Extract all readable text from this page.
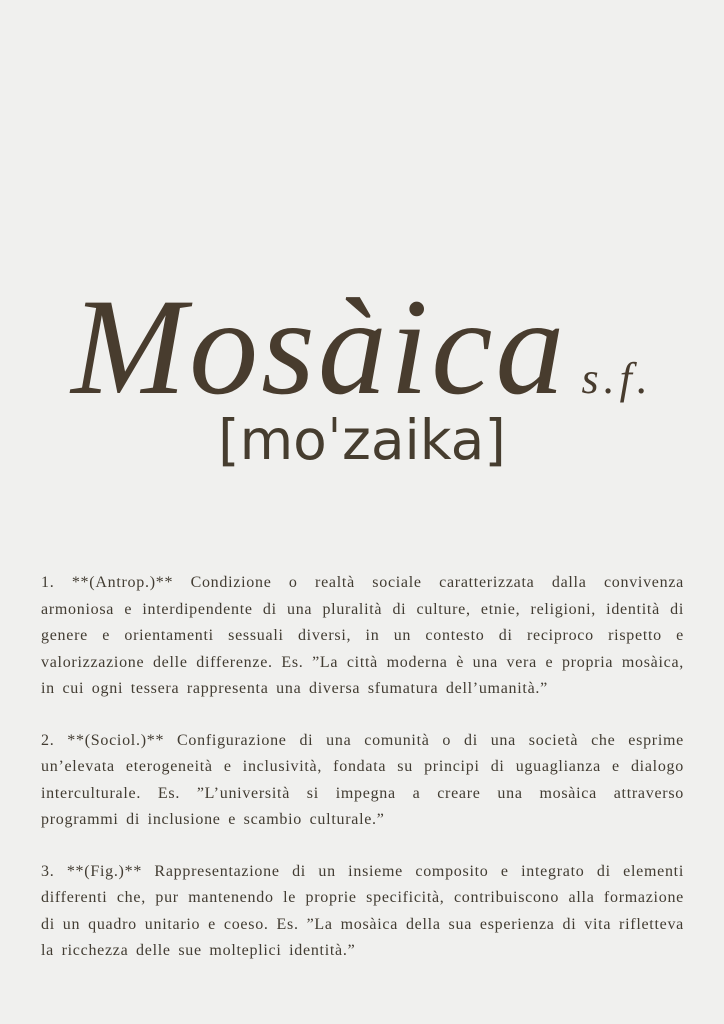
Mosàica s.f.
[moˈzaika]

1. **(Antrop.)** Condizione o realtà sociale caratterizzata dalla convivenza armoniosa e interdipendente di una pluralità di culture, etnie, religioni, identità di genere e orientamenti sessuali diversi, in un contesto di reciproco rispetto e valorizzazione delle differenze. Es. ”La città moderna è una vera e propria mosàica, in cui ogni tessera rappresenta una diversa sfumatura dell’umanità.”

2. **(Sociol.)** Configurazione di una comunità o di una società che esprime un’elevata eterogeneità e inclusività, fondata su principi di uguaglianza e dialogo interculturale. Es. ”L’università si impegna a creare una mosàica attraverso programmi di inclusione e scambio culturale.”

3. **(Fig.)** Rappresentazione di un insieme composito e integrato di elementi differenti che, pur mantenendo le proprie specificità, contribuiscono alla formazione di un quadro unitario e coeso. Es. ”La mosàica della sua esperienza di vita rifletteva la ricchezza delle sue molteplici identità.”
